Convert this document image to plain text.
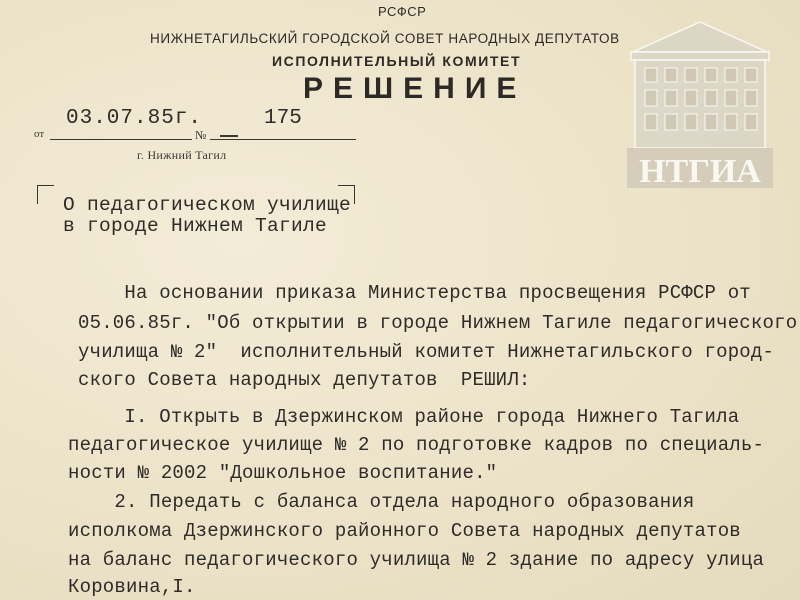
РСФСР
НИЖНЕТАГИЛЬСКИЙ ГОРОДСКОЙ СОВЕТ НАРОДНЫХ ДЕПУТАТОВ
ИСПОЛНИТЕЛЬНЫЙ КОМИТЕТ
РЕШЕНИЕ
03.07.85г.	175
от	№
г. Нижний Тагил
О педагогическом училище
в городе Нижнем Тагиле
На основании приказа Министерства просвещения РСФСР от
05.06.85г. "Об открытии в городе Нижнем Тагиле педагогического
училища № 2"  исполнительный комитет Нижнетагильского город-
ского Совета народных депутатов  РЕШИЛ:
I. Открыть в Дзержинском районе города Нижнего Тагила
педагогическое училище № 2 по подготовке кадров по специаль-
ности № 2002 "Дошкольное воспитание."
2. Передать с баланса отдела народного образования
исполкома Дзержинского районного Совета народных депутатов
на баланс педагогического училища № 2 здание по адресу улица
Коровина,I.
НТГИА
